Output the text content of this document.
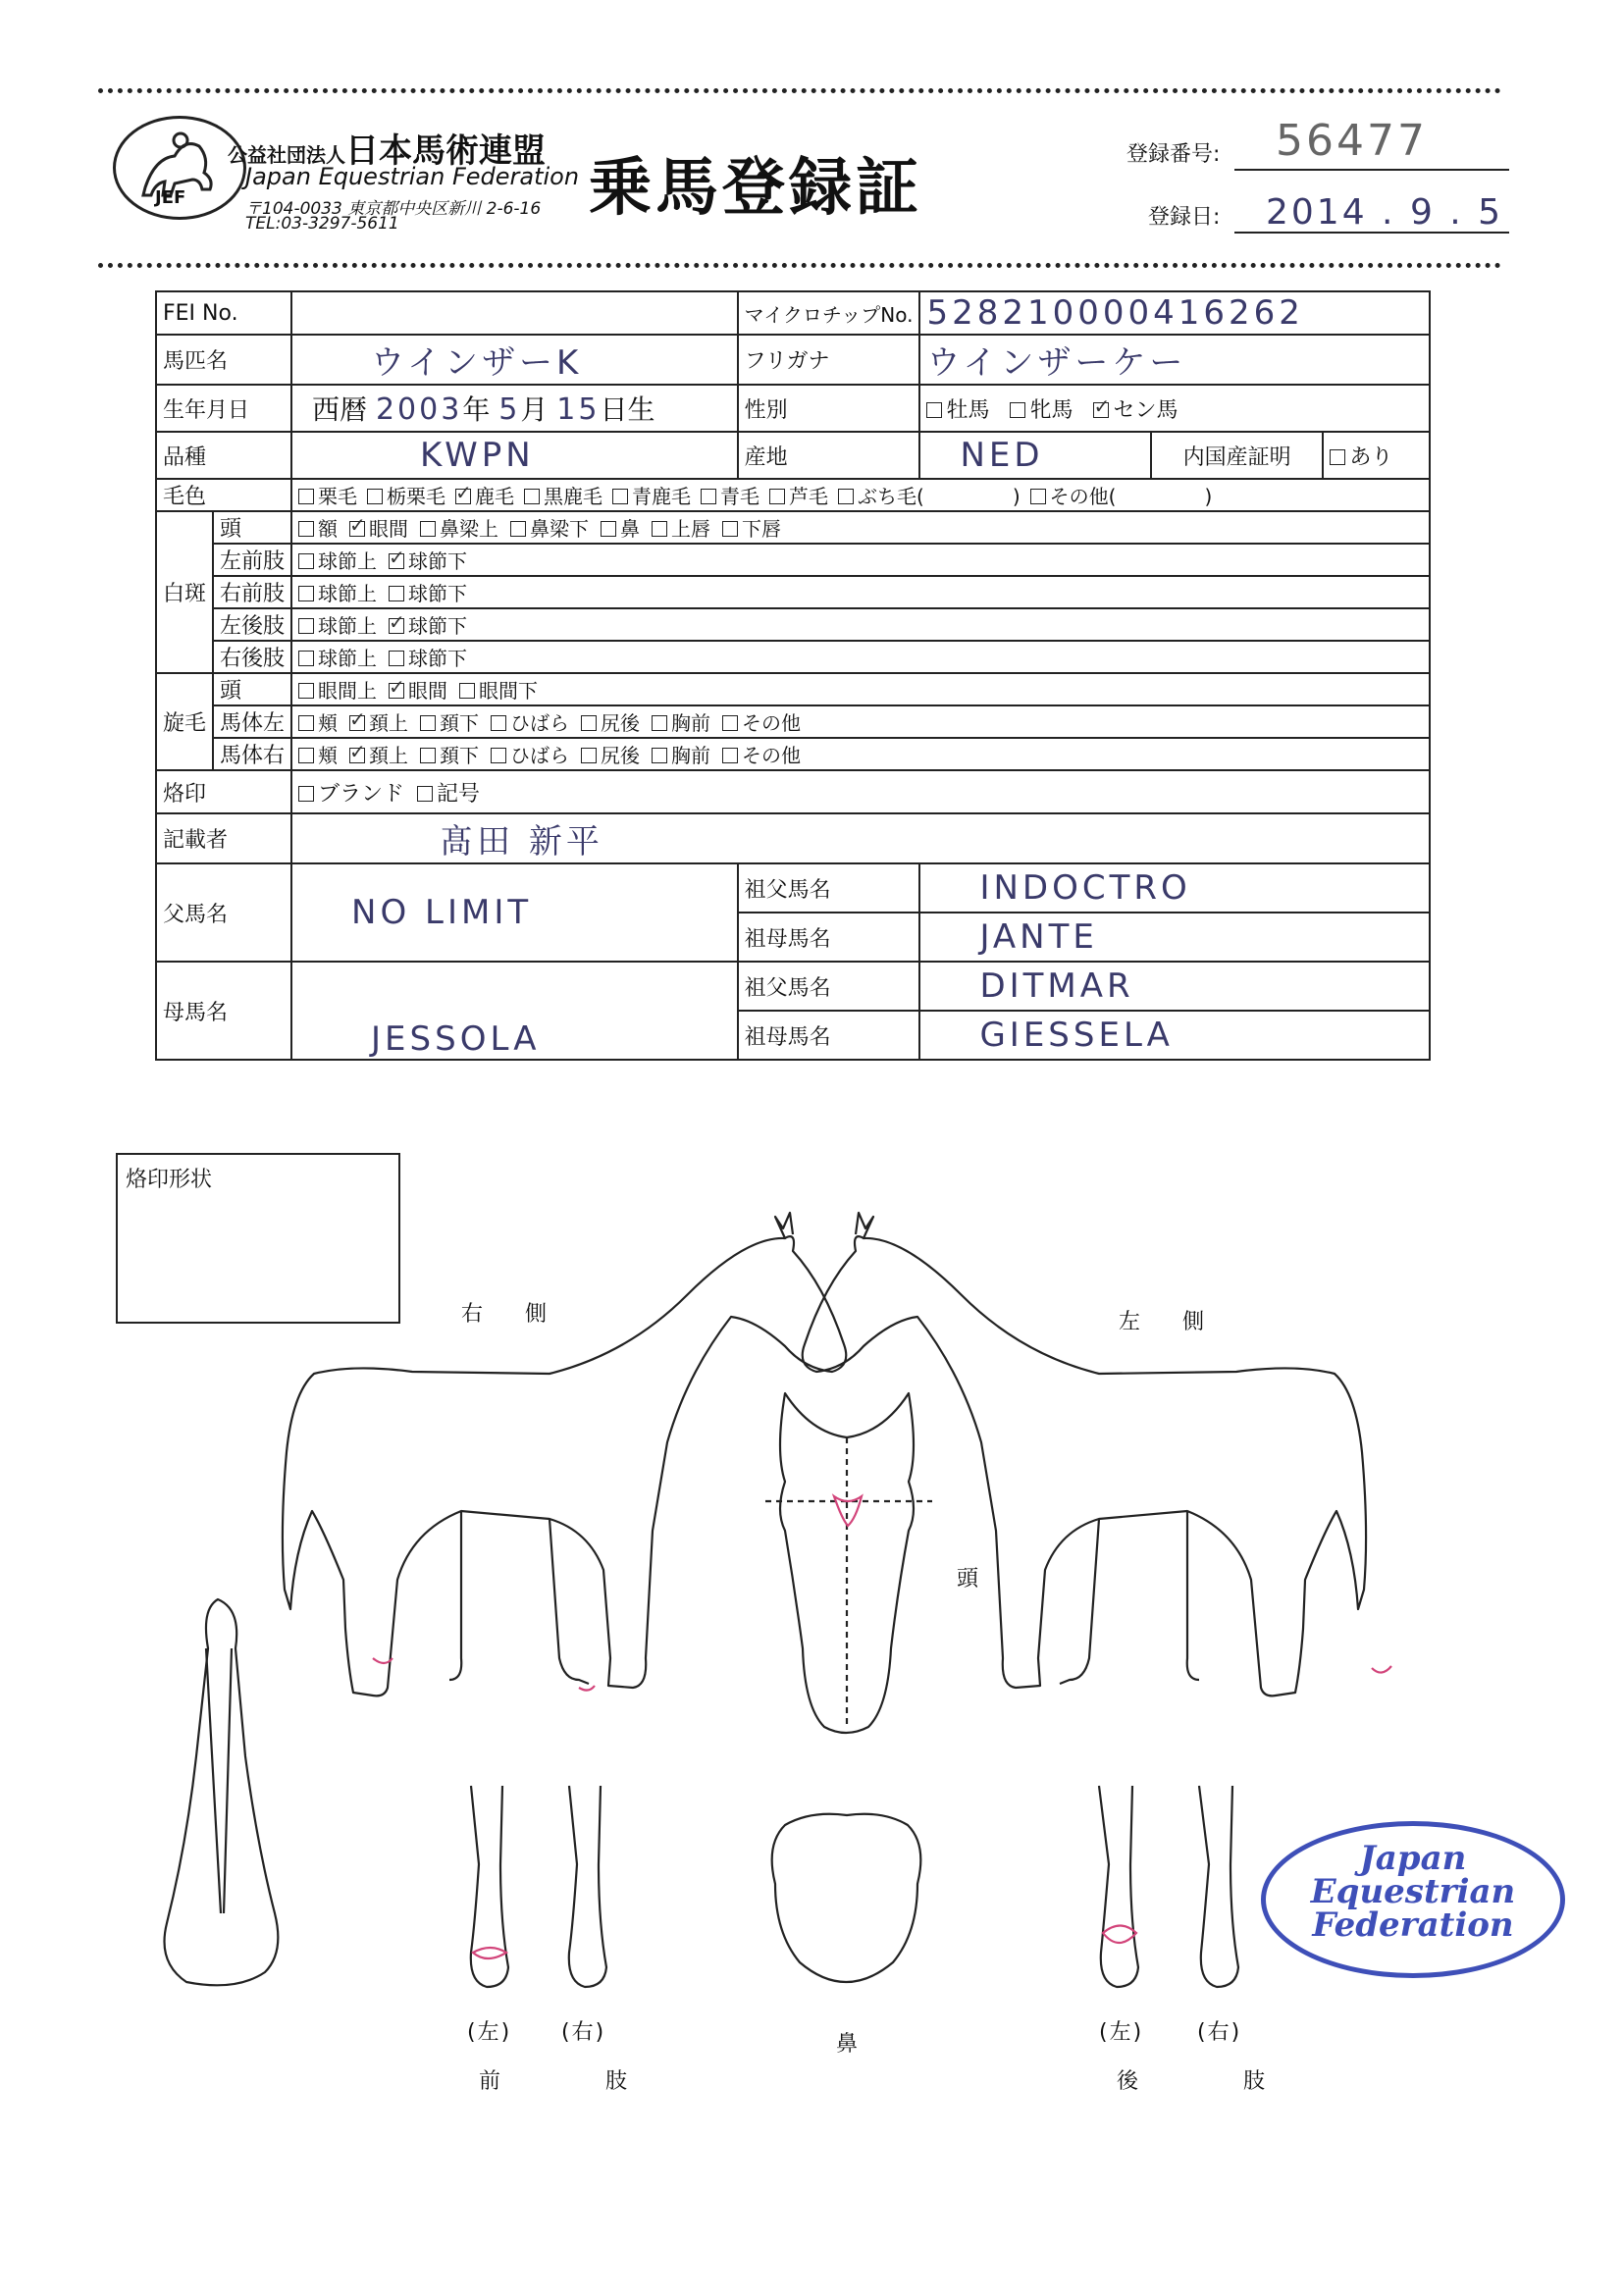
JEF
公益社団法人日本馬術連盟
Japan Equestrian Federation
〒104-0033 東京都中央区新川 2-6-16
TEL:03-3297-5611	乗馬登録証	登録番号: 56477
登録日: 2014 . 9 . 5
FEI No.			マイクロチップNo.	528210000416262		
馬匹名		ウインザーK	フリガナ	ウインザーケー		
生年月日		西暦 2003年 5月 15日生	性別	牡馬 牝馬 ✓ セン馬
品種		KWPN	産地	NED	内国産証明	あり
毛色		栗毛 栃栗毛 ✓ 鹿毛 黒鹿毛 青鹿毛 青毛 芦毛 ぶち毛( ) その他( )
白斑	頭	額 ✓ 眼間 鼻梁上 鼻梁下 鼻 上唇 下唇
	左前肢	球節上 ✓ 球節下
	右前肢	球節上 球節下				
	左後肢	球節上 ✓ 球節下
	右後肢	球節上 球節下				
旋毛	頭	眼間上 ✓ 眼間 眼間下
	馬体左	頬 ✓ 頚上 頚下 ひばら 尻後 胸前 その他
	馬体右	頬 ✓ 頚上 頚下 ひばら 尻後 胸前 その他
烙印		ブランド 記号				
記載者		髙田 新平				
父馬名		NO LIMIT	祖父馬名	INDOCTRO		
			祖母馬名	JANTE		
母馬名		JESSOLA	祖父馬名	DITMAR		
			祖母馬名	GIESSELA		
烙印形状
右 側	左 側
頭
鼻
(左) (右)
前 肢
(左) (右)
後 肢
Japan
Equestrian
Federation
